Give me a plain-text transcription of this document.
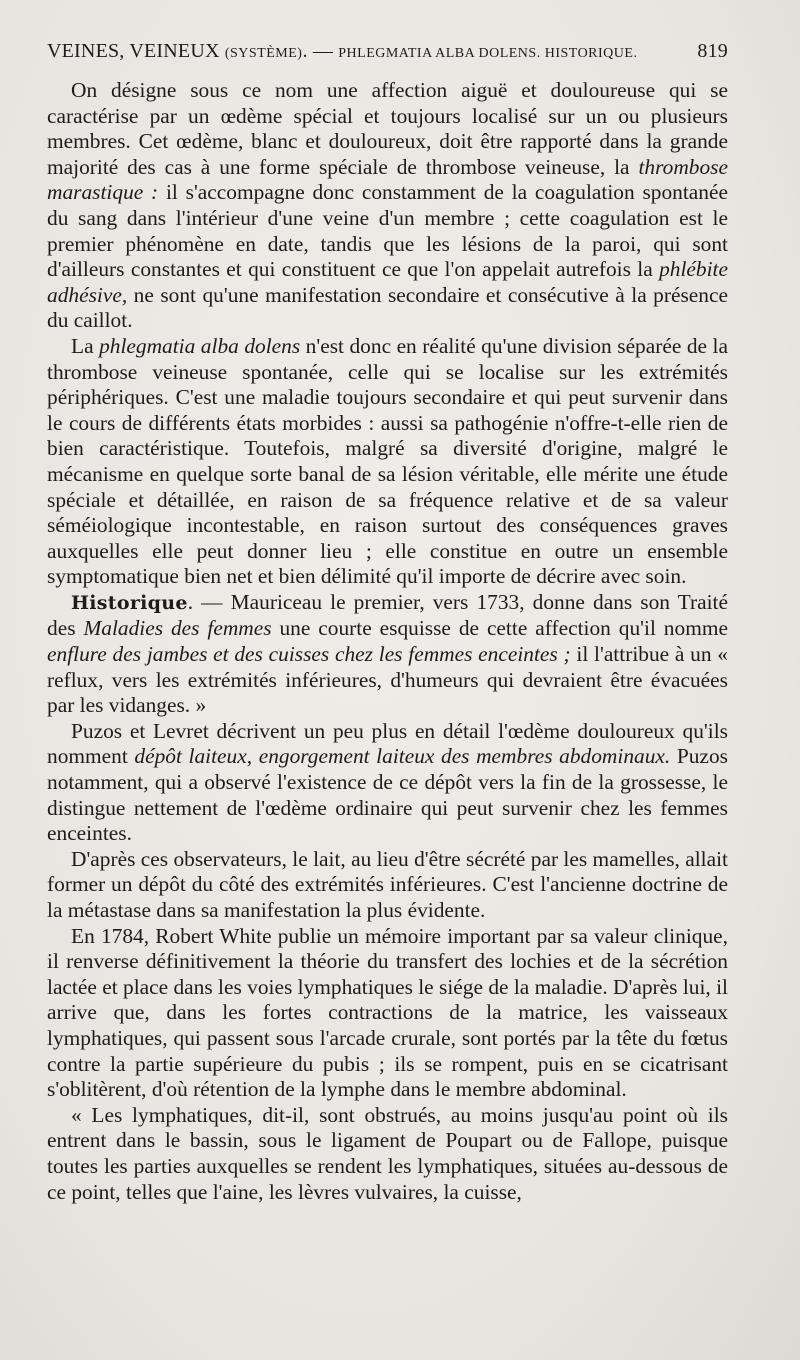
VEINES, VEINEUX (SYSTÈME). — PHLEGMATIA ALBA DOLENS. HISTORIQUE.	819

On désigne sous ce nom une affection aiguë et douloureuse qui se caractérise par un œdème spécial et toujours localisé sur un ou plusieurs membres. Cet œdème, blanc et douloureux, doit être rapporté dans la grande majorité des cas à une forme spéciale de thrombose veineuse, la thrombose marastique : il s'accompagne donc constamment de la coagulation spontanée du sang dans l'intérieur d'une veine d'un membre ; cette coagulation est le premier phénomène en date, tandis que les lésions de la paroi, qui sont d'ailleurs constantes et qui constituent ce que l'on appelait autrefois la phlébite adhésive, ne sont qu'une manifestation secondaire et consécutive à la présence du caillot.

La phlegmatia alba dolens n'est donc en réalité qu'une division séparée de la thrombose veineuse spontanée, celle qui se localise sur les extrémités périphériques. C'est une maladie toujours secondaire et qui peut survenir dans le cours de différents états morbides : aussi sa pathogénie n'offre-t-elle rien de bien caractéristique. Toutefois, malgré sa diversité d'origine, malgré le mécanisme en quelque sorte banal de sa lésion véritable, elle mérite une étude spéciale et détaillée, en raison de sa fréquence relative et de sa valeur séméiologique incontestable, en raison surtout des conséquences graves auxquelles elle peut donner lieu ; elle constitue en outre un ensemble symptomatique bien net et bien délimité qu'il importe de décrire avec soin.

Historique. — Mauriceau le premier, vers 1733, donne dans son Traité des Maladies des femmes une courte esquisse de cette affection qu'il nomme enflure des jambes et des cuisses chez les femmes enceintes ; il l'attribue à un « reflux, vers les extrémités inférieures, d'humeurs qui devraient être évacuées par les vidanges. »

Puzos et Levret décrivent un peu plus en détail l'œdème douloureux qu'ils nomment dépôt laiteux, engorgement laiteux des membres abdominaux. Puzos notamment, qui a observé l'existence de ce dépôt vers la fin de la grossesse, le distingue nettement de l'œdème ordinaire qui peut survenir chez les femmes enceintes.

D'après ces observateurs, le lait, au lieu d'être sécrété par les mamelles, allait former un dépôt du côté des extrémités inférieures. C'est l'ancienne doctrine de la métastase dans sa manifestation la plus évidente.

En 1784, Robert White publie un mémoire important par sa valeur clinique, il renverse définitivement la théorie du transfert des lochies et de la sécrétion lactée et place dans les voies lymphatiques le siége de la maladie. D'après lui, il arrive que, dans les fortes contractions de la matrice, les vaisseaux lymphatiques, qui passent sous l'arcade crurale, sont portés par la tête du fœtus contre la partie supérieure du pubis ; ils se rompent, puis en se cicatrisant s'oblitèrent, d'où rétention de la lymphe dans le membre abdominal.

« Les lymphatiques, dit-il, sont obstrués, au moins jusqu'au point où ils entrent dans le bassin, sous le ligament de Poupart ou de Fallope, puisque toutes les parties auxquelles se rendent les lymphatiques, situées au-dessous de ce point, telles que l'aine, les lèvres vulvaires, la cuisse,
